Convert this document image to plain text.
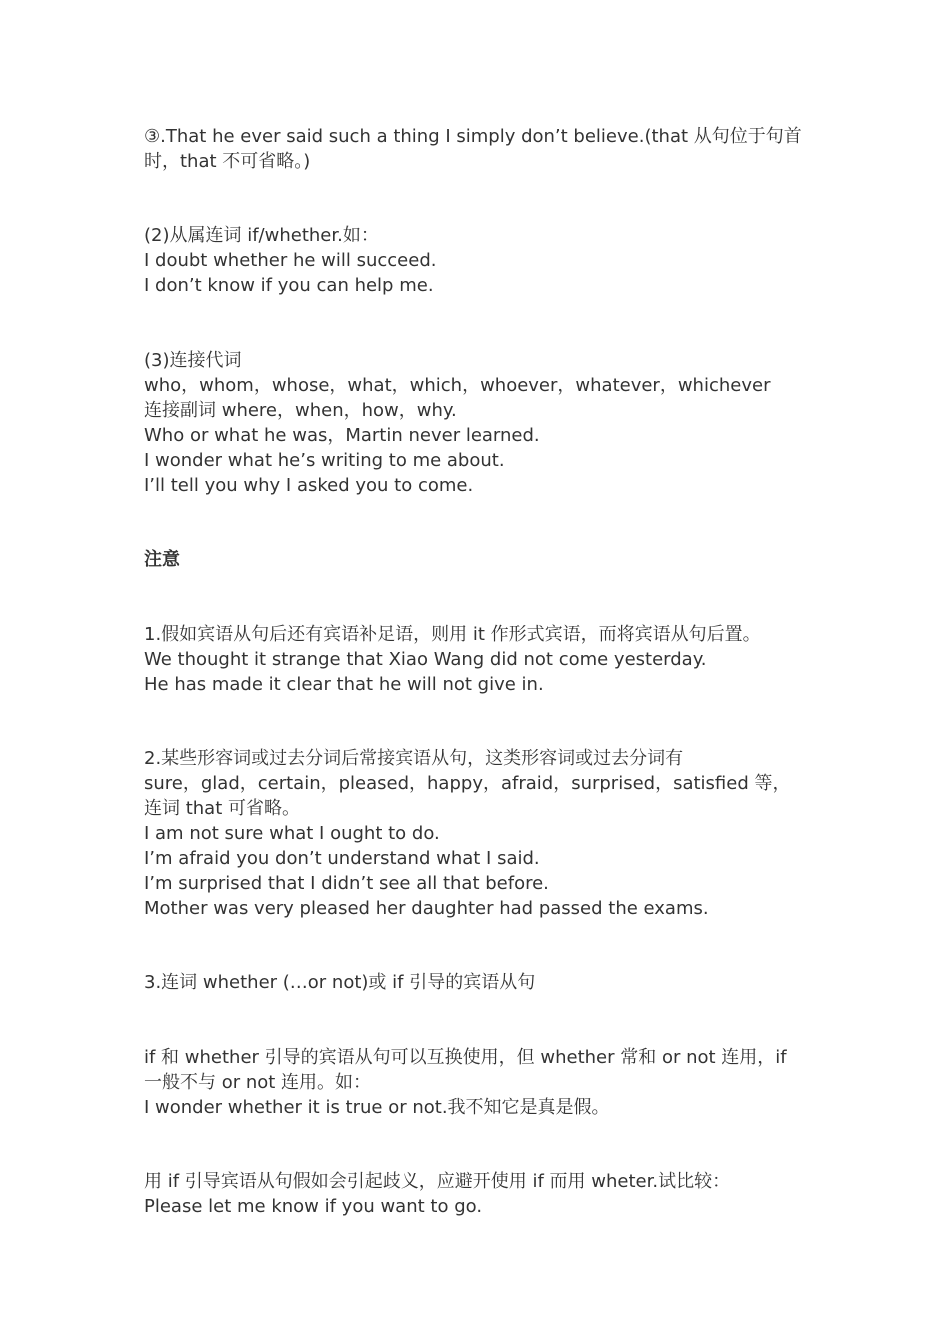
③.That he ever said such a thing I simply don’t believe.(that 从句位于句首
时，that 不可省略。)
(2)从属连词 if/whether.如：
I doubt whether he will succeed.
I don’t know if you can help me.
(3)连接代词
who，whom，whose，what，which，whoever，whatever，whichever
连接副词 where，when，how，why.
Who or what he was，Martin never learned.
I wonder what he’s writing to me about.
I’ll tell you why I asked you to come.
注意
1.假如宾语从句后还有宾语补足语，则用 it 作形式宾语，而将宾语从句后置。
We thought it strange that Xiao Wang did not come yesterday.
He has made it clear that he will not give in.
2.某些形容词或过去分词后常接宾语从句，这类形容词或过去分词有
sure，glad，certain，pleased，happy，afraid，surprised，satisfied 等，
连词 that 可省略。
I am not sure what I ought to do.
I’m afraid you don’t understand what I said.
I’m surprised that I didn’t see all that before.
Mother was very pleased her daughter had passed the exams.
3.连词 whether (…or not)或 if 引导的宾语从句
if 和 whether 引导的宾语从句可以互换使用，但 whether 常和 or not 连用，if
一般不与 or not 连用。如：
I wonder whether it is true or not.我不知它是真是假。
用 if 引导宾语从句假如会引起歧义，应避开使用 if 而用 wheter.试比较：
Please let me know if you want to go.
